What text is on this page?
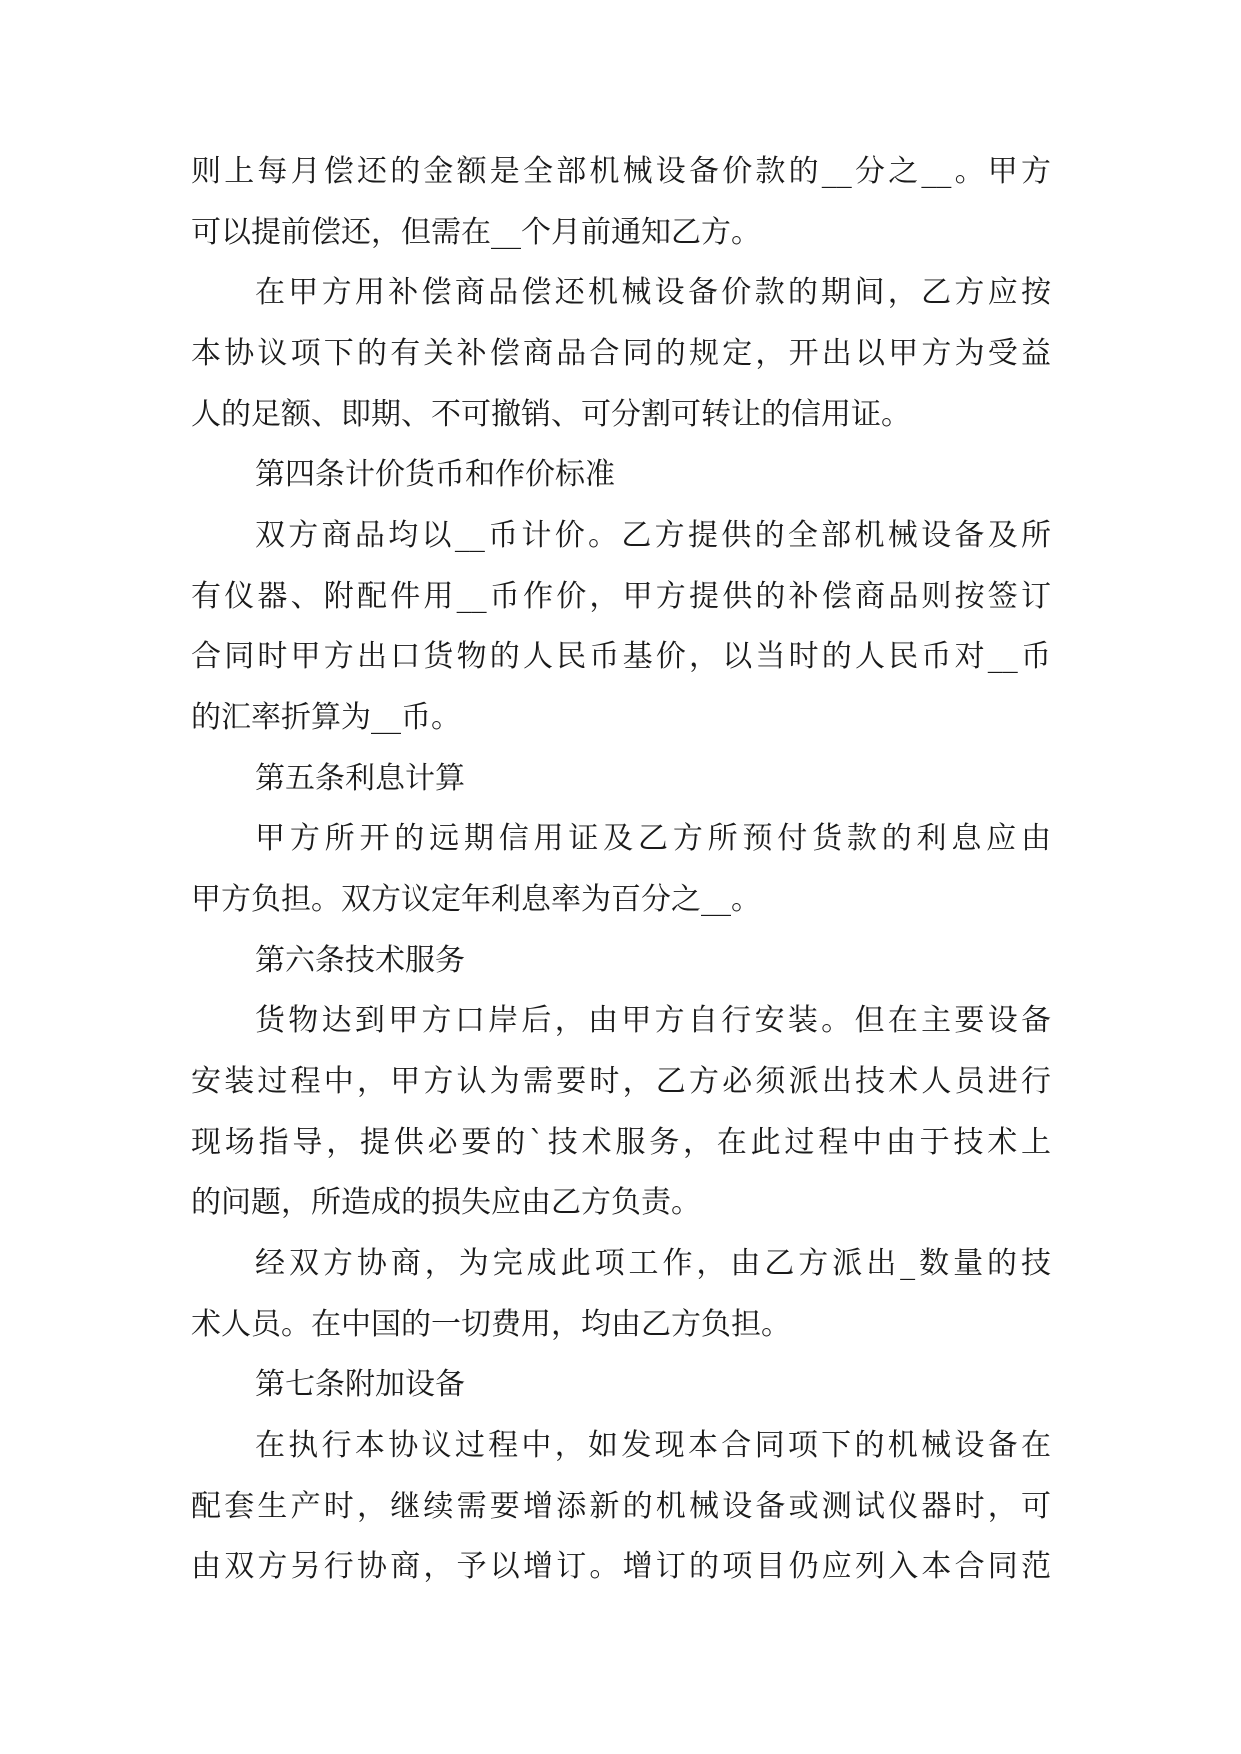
则上每月偿还的金额是全部机械设备价款的__分之__。甲方
可以提前偿还，但需在__个月前通知乙方。
在甲方用补偿商品偿还机械设备价款的期间，乙方应按
本协议项下的有关补偿商品合同的规定，开出以甲方为受益
人的足额、即期、不可撤销、可分割可转让的信用证。
第四条计价货币和作价标准
双方商品均以__币计价。乙方提供的全部机械设备及所
有仪器、附配件用__币作价，甲方提供的补偿商品则按签订
合同时甲方出口货物的人民币基价，以当时的人民币对__币
的汇率折算为__币。
第五条利息计算
甲方所开的远期信用证及乙方所预付货款的利息应由
甲方负担。双方议定年利息率为百分之__。
第六条技术服务
货物达到甲方口岸后，由甲方自行安装。但在主要设备
安装过程中，甲方认为需要时，乙方必须派出技术人员进行
现场指导，提供必要的`技术服务，在此过程中由于技术上
的问题，所造成的损失应由乙方负责。
经双方协商，为完成此项工作，由乙方派出_数量的技
术人员。在中国的一切费用，均由乙方负担。
第七条附加设备
在执行本协议过程中，如发现本合同项下的机械设备在
配套生产时，继续需要增添新的机械设备或测试仪器时，可
由双方另行协商，予以增订。增订的项目仍应列入本合同范
